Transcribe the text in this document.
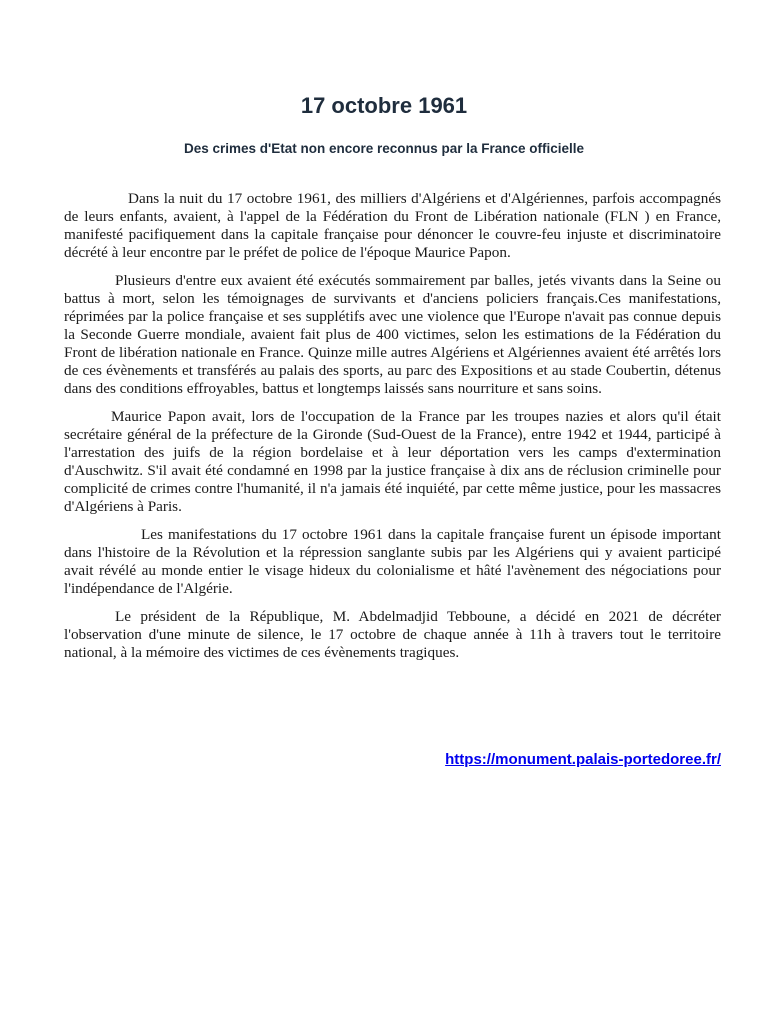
17 octobre 1961
Des crimes d'Etat non encore reconnus par la France officielle

Dans la nuit du 17 octobre 1961, des milliers d'Algériens et d'Algériennes, parfois accompagnés de leurs enfants, avaient, à l'appel de la Fédération du Front de Libération nationale (FLN ) en France, manifesté pacifiquement dans la capitale française pour dénoncer le couvre-feu injuste et discriminatoire décrété à leur encontre par le préfet de police de l'époque Maurice Papon.

Plusieurs d'entre eux avaient été exécutés sommairement par balles, jetés vivants dans la Seine ou battus à mort, selon les témoignages de survivants et d'anciens policiers français.Ces manifestations, réprimées par la police française et ses supplétifs avec une violence que l'Europe n'avait pas connue depuis la Seconde Guerre mondiale, avaient fait plus de 400 victimes, selon les estimations de la Fédération du Front de libération nationale en France. Quinze mille autres Algériens et Algériennes avaient été arrêtés lors de ces évènements et transférés au palais des sports, au parc des Expositions et au stade Coubertin, détenus dans des conditions effroyables, battus et longtemps laissés sans nourriture et sans soins.

Maurice Papon avait, lors de l'occupation de la France par les troupes nazies et alors qu'il était secrétaire général de la préfecture de la Gironde (Sud-Ouest de la France), entre 1942 et 1944, participé à l'arrestation des juifs de la région bordelaise et à leur déportation vers les camps d'extermination d'Auschwitz. S'il avait été condamné en 1998 par la justice française à dix ans de réclusion criminelle pour complicité de crimes contre l'humanité, il n'a jamais été inquiété, par cette même justice, pour les massacres d'Algériens à Paris.

Les manifestations du 17 octobre 1961 dans la capitale française furent un épisode important dans l'histoire de la Révolution et la répression sanglante subis par les Algériens qui y avaient participé avait révélé au monde entier le visage hideux du colonialisme et hâté l'avènement des négociations pour l'indépendance de l'Algérie.

Le président de la République, M. Abdelmadjid Tebboune, a décidé en 2021 de décréter l'observation d'une minute de silence, le 17 octobre de chaque année à 11h à travers tout le territoire national, à la mémoire des victimes de ces évènements tragiques.

https://monument.palais-portedoree.fr/
